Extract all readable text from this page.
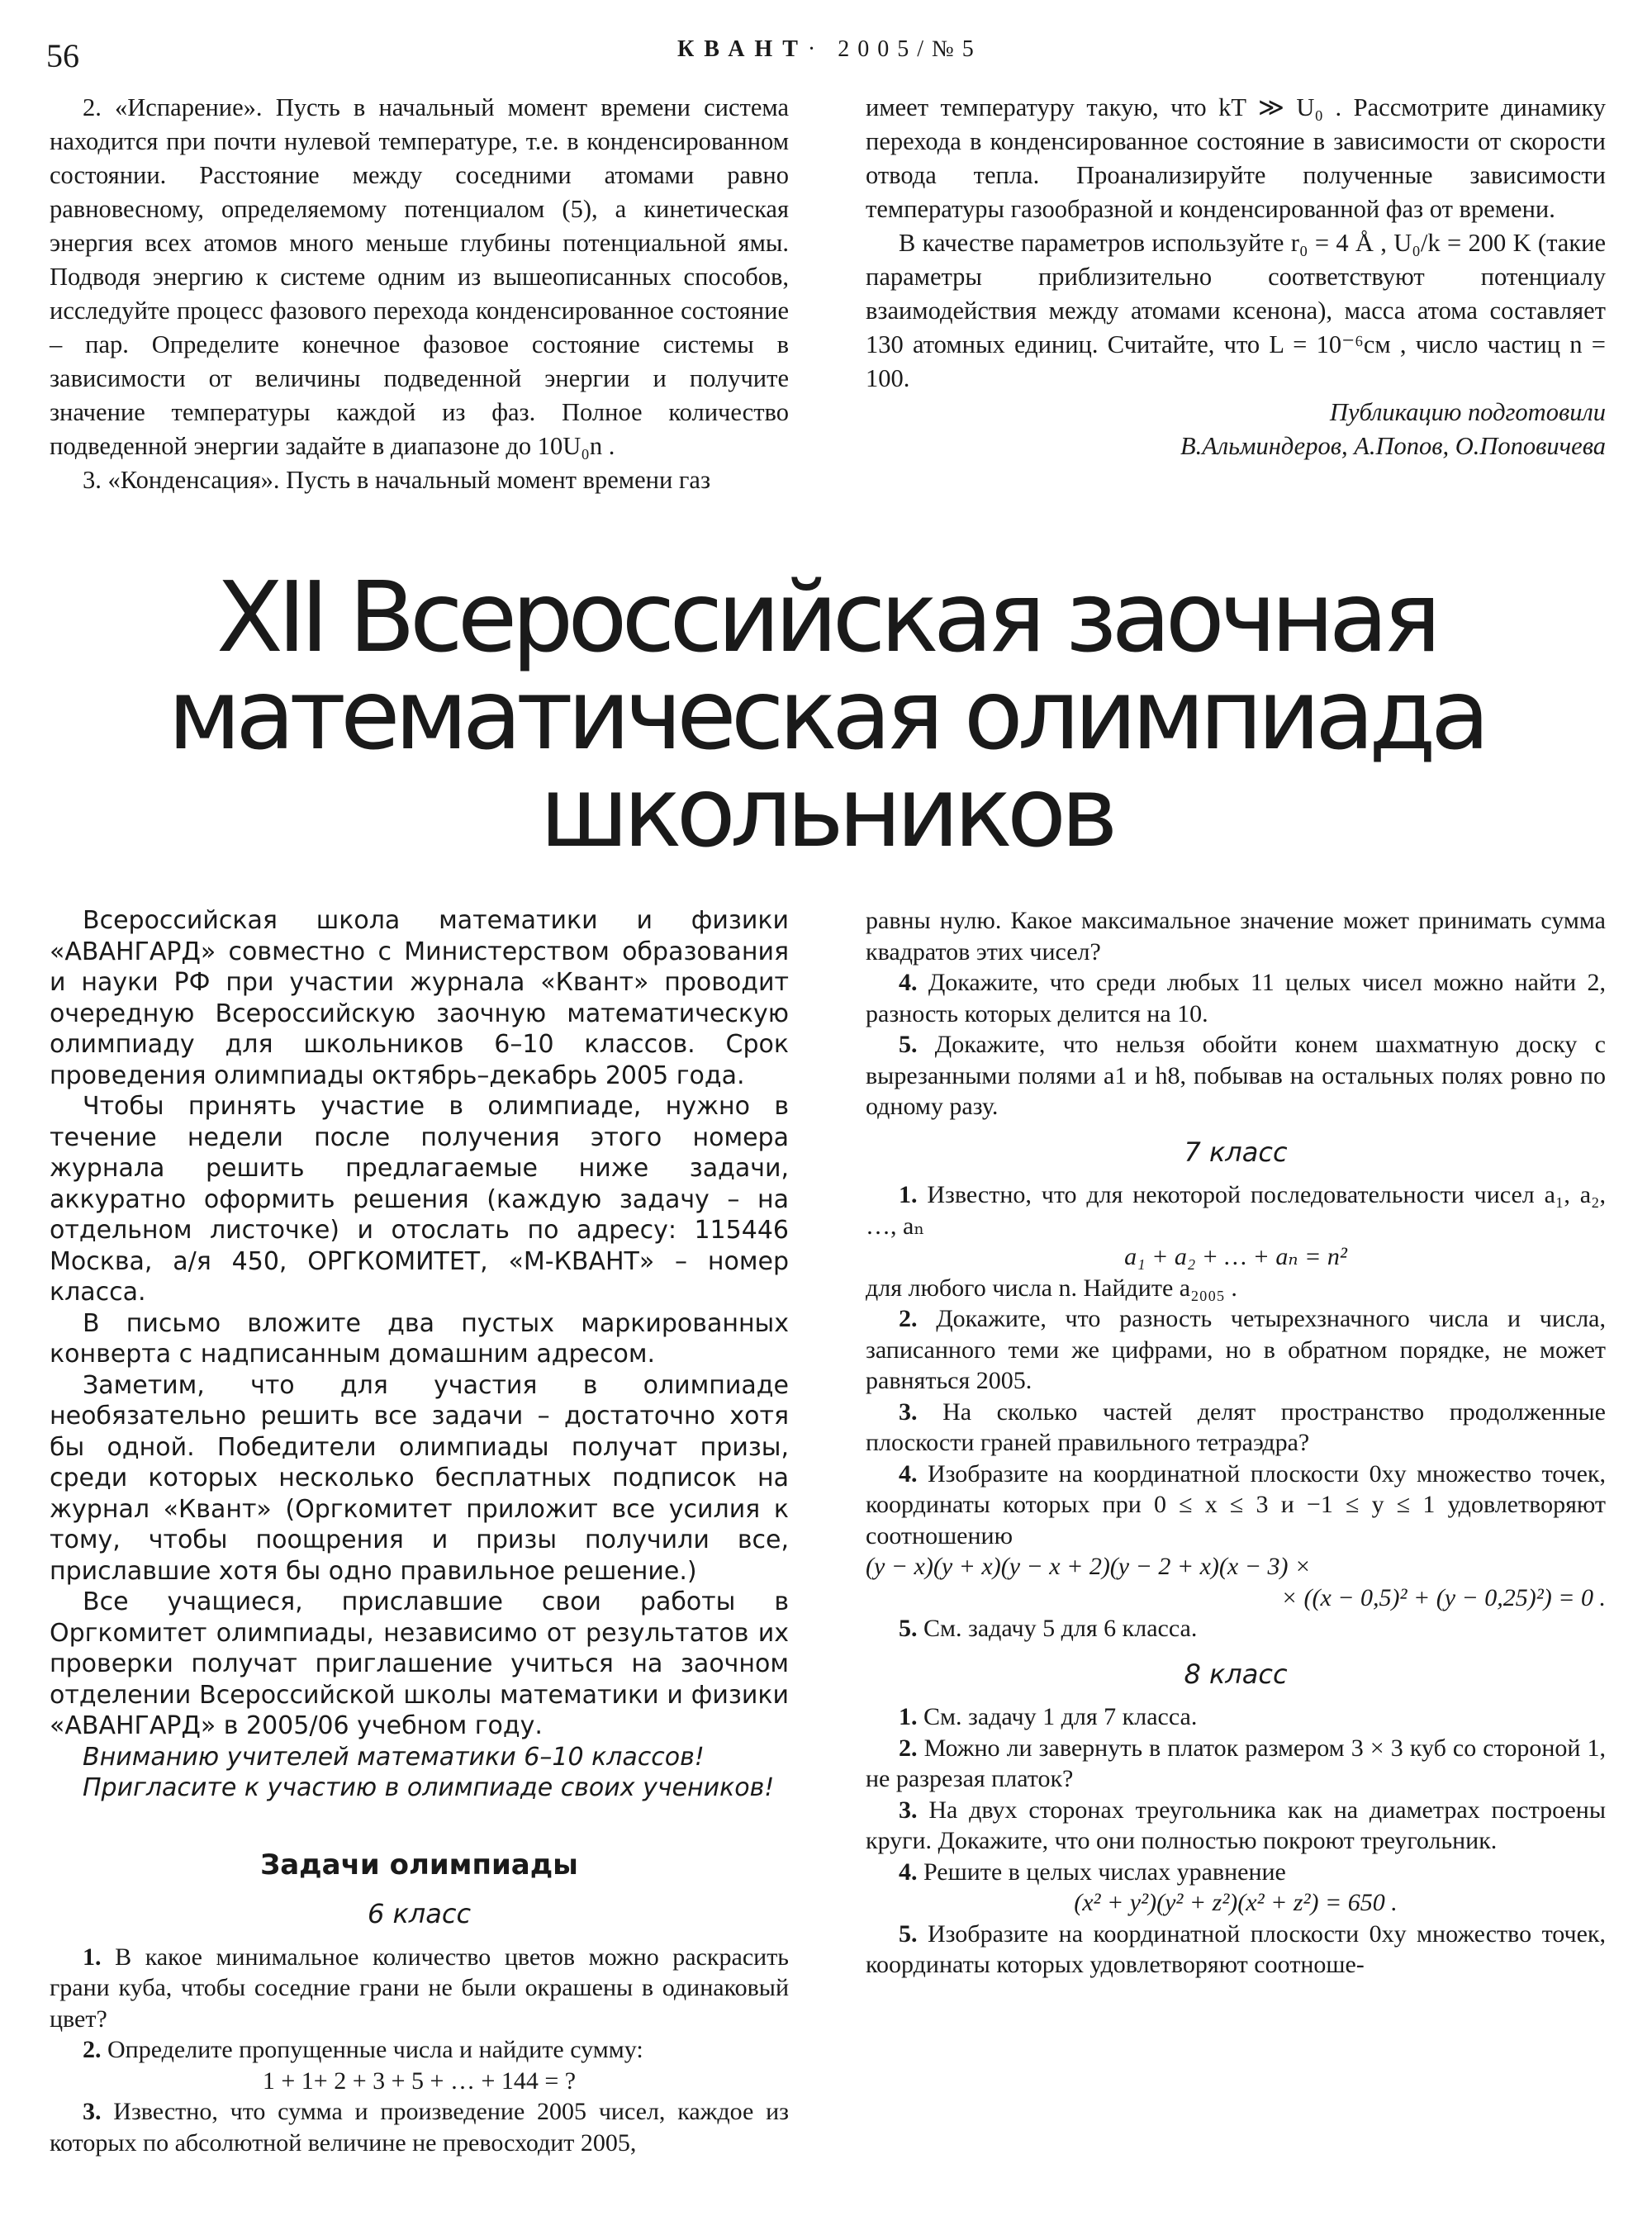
56	КВАНТ· 2005/№5

2. «Испарение». Пусть в начальный момент времени система находится при почти нулевой температуре, т.е. в конденсированном состоянии. Расстояние между соседними атомами равно равновесному, определяемому потенциалом (5), а кинетическая энергия всех атомов много меньше глубины потенциальной ямы. Подводя энергию к системе одним из вышеописанных способов, исследуйте процесс фазового перехода конденсированное состояние – пар. Определите конечное фазовое состояние системы в зависимости от величины подведенной энергии и получите значение температуры каждой из фаз. Полное количество подведенной энергии задайте в диапазоне до 10U₀n .

3. «Конденсация». Пусть в начальный момент времени газ

имеет температуру такую, что kT ≫ U₀ . Рассмотрите динамику перехода в конденсированное состояние в зависимости от скорости отвода тепла. Проанализируйте полученные зависимости температуры газообразной и конденсированной фаз от времени.

В качестве параметров используйте r₀ = 4 Å , U₀/k = 200 K (такие параметры приблизительно соответствуют потенциалу взаимодействия между атомами ксенона), масса атома составляет 130 атомных единиц. Считайте, что L = 10⁻⁶см , число частиц n = 100.

Публикацию подготовили

В.Альминдеров, А.Попов, О.Поповичева

XII Всероссийская заочная
математическая олимпиада
школьников

Всероссийская школа математики и физики «АВАНГАРД» совместно с Министерством образования и науки РФ при участии журнала «Квант» проводит очередную Всероссийскую заочную математическую олимпиаду для школьников 6–10 классов. Срок проведения олимпиады октябрь–декабрь 2005 года.

Чтобы принять участие в олимпиаде, нужно в течение недели после получения этого номера журнала решить предлагаемые ниже задачи, аккуратно оформить решения (каждую задачу – на отдельном листочке) и отослать по адресу: 115446 Москва, а/я 450, ОРГКОМИТЕТ, «М-КВАНТ» – номер класса.

В письмо вложите два пустых маркированных конверта с надписанным домашним адресом.

Заметим, что для участия в олимпиаде необязательно решить все задачи – достаточно хотя бы одной. Победители олимпиады получат призы, среди которых несколько бесплатных подписок на журнал «Квант» (Оргкомитет приложит все усилия к тому, чтобы поощрения и призы получили все, приславшие хотя бы одно правильное решение.)

Все учащиеся, приславшие свои работы в Оргкомитет олимпиады, независимо от результатов их проверки получат приглашение учиться на заочном отделении Всероссийской школы математики и физики «АВАНГАРД» в 2005/06 учебном году.

Вниманию учителей математики 6–10 классов!

Пригласите к участию в олимпиаде своих учеников!

Задачи олимпиады
6 класс

1. В какое минимальное количество цветов можно раскрасить грани куба, чтобы соседние грани не были окрашены в одинаковый цвет?

2. Определите пропущенные числа и найдите сумму:

1 + 1+ 2 + 3 + 5 + … + 144 = ?

3. Известно, что сумма и произведение 2005 чисел, каждое из которых по абсолютной величине не превосходит 2005,

равны нулю. Какое максимальное значение может принимать сумма квадратов этих чисел?

4. Докажите, что среди любых 11 целых чисел можно найти 2, разность которых делится на 10.

5. Докажите, что нельзя обойти конем шахматную доску с вырезанными полями a1 и h8, побывав на остальных полях ровно по одному разу.

7 класс

1. Известно, что для некоторой последовательности чисел a₁, a₂, …, aₙ

a₁ + a₂ + … + aₙ = n²

для любого числа n. Найдите a₂₀₀₅ .

2. Докажите, что разность четырехзначного числа и числа, записанного теми же цифрами, но в обратном порядке, не может равняться 2005.

3. На сколько частей делят пространство продолженные плоскости граней правильного тетраэдра?

4. Изобразите на координатной плоскости 0xy множество точек, координаты которых при 0 ≤ x ≤ 3 и −1 ≤ y ≤ 1 удовлетворяют соотношению

(y − x)(y + x)(y − x + 2)(y − 2 + x)(x − 3) ×

× ((x − 0,5)² + (y − 0,25)²) = 0 .

5. См. задачу 5 для 6 класса.

8 класс

1. См. задачу 1 для 7 класса.

2. Можно ли завернуть в платок размером 3 × 3 куб со стороной 1, не разрезая платок?

3. На двух сторонах треугольника как на диаметрах построены круги. Докажите, что они полностью покроют треугольник.

4. Решите в целых числах уравнение

(x² + y²)(y² + z²)(x² + z²) = 650 .

5. Изобразите на координатной плоскости 0xy множество точек, координаты которых удовлетворяют соотноше-
